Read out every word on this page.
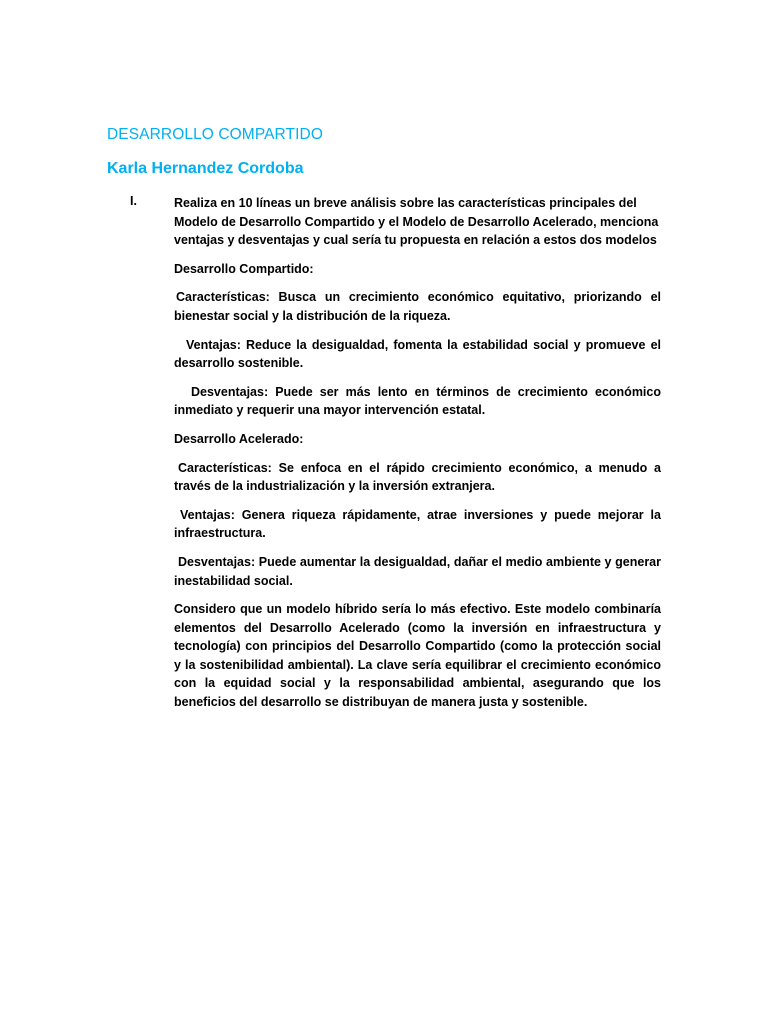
DESARROLLO COMPARTIDO
Karla Hernandez Cordoba
I.	Realiza en 10 líneas un breve análisis sobre las características principales del Modelo de Desarrollo Compartido y el Modelo de Desarrollo Acelerado, menciona ventajas y desventajas y cual sería tu propuesta en relación a estos dos modelos

Desarrollo Compartido:

Características: Busca un crecimiento económico equitativo, priorizando el bienestar social y la distribución de la riqueza.

Ventajas: Reduce la desigualdad, fomenta la estabilidad social y promueve el desarrollo sostenible.

Desventajas: Puede ser más lento en términos de crecimiento económico inmediato y requerir una mayor intervención estatal.

Desarrollo Acelerado:

Características: Se enfoca en el rápido crecimiento económico, a menudo a través de la industrialización y la inversión extranjera.

Ventajas: Genera riqueza rápidamente, atrae inversiones y puede mejorar la infraestructura.

Desventajas: Puede aumentar la desigualdad, dañar el medio ambiente y generar inestabilidad social.

Considero que un modelo híbrido sería lo más efectivo. Este modelo combinaría elementos del Desarrollo Acelerado (como la inversión en infraestructura y tecnología) con principios del Desarrollo Compartido (como la protección social y la sostenibilidad ambiental). La clave sería equilibrar el crecimiento económico con la equidad social y la responsabilidad ambiental, asegurando que los beneficios del desarrollo se distribuyan de manera justa y sostenible.
